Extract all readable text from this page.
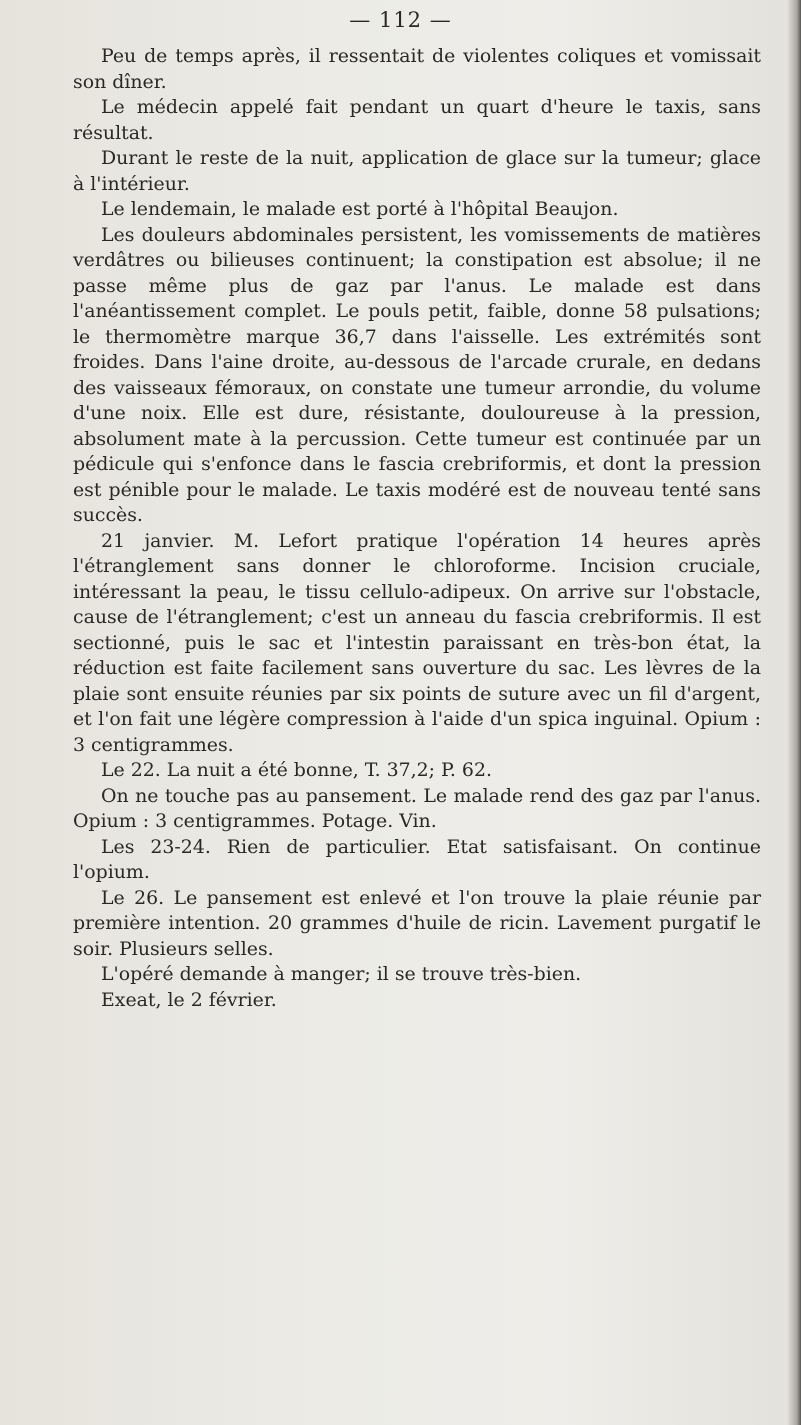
— 112 —

Peu de temps après, il ressentait de violentes coliques et vomissait son dîner.

Le médecin appelé fait pendant un quart d'heure le taxis, sans résultat.

Durant le reste de la nuit, application de glace sur la tumeur; glace à l'intérieur.

Le lendemain, le malade est porté à l'hôpital Beaujon.

Les douleurs abdominales persistent, les vomissements de matières verdâtres ou bilieuses continuent; la constipation est absolue; il ne passe même plus de gaz par l'anus. Le malade est dans l'anéantissement complet. Le pouls petit, faible, donne 58 pulsations; le thermomètre marque 36,7 dans l'aisselle. Les extrémités sont froides. Dans l'aine droite, au-dessous de l'arcade crurale, en dedans des vaisseaux fémoraux, on constate une tumeur arrondie, du volume d'une noix. Elle est dure, résistante, douloureuse à la pression, absolument mate à la percussion. Cette tumeur est continuée par un pédicule qui s'enfonce dans le fascia crebriformis, et dont la pression est pénible pour le malade. Le taxis modéré est de nouveau tenté sans succès.

21 janvier. M. Lefort pratique l'opération 14 heures après l'étranglement sans donner le chloroforme. Incision cruciale, intéressant la peau, le tissu cellulo-adipeux. On arrive sur l'obstacle, cause de l'étranglement; c'est un anneau du fascia crebriformis. Il est sectionné, puis le sac et l'intestin paraissant en très-bon état, la réduction est faite facilement sans ouverture du sac. Les lèvres de la plaie sont ensuite réunies par six points de suture avec un fil d'argent, et l'on fait une légère compression à l'aide d'un spica inguinal. Opium : 3 centigrammes.

Le 22. La nuit a été bonne, T. 37,2; P. 62.

On ne touche pas au pansement. Le malade rend des gaz par l'anus. Opium : 3 centigrammes. Potage. Vin.

Les 23-24. Rien de particulier. Etat satisfaisant. On continue l'opium.

Le 26. Le pansement est enlevé et l'on trouve la plaie réunie par première intention. 20 grammes d'huile de ricin. Lavement purgatif le soir. Plusieurs selles.

L'opéré demande à manger; il se trouve très-bien.

Exeat, le 2 février.
